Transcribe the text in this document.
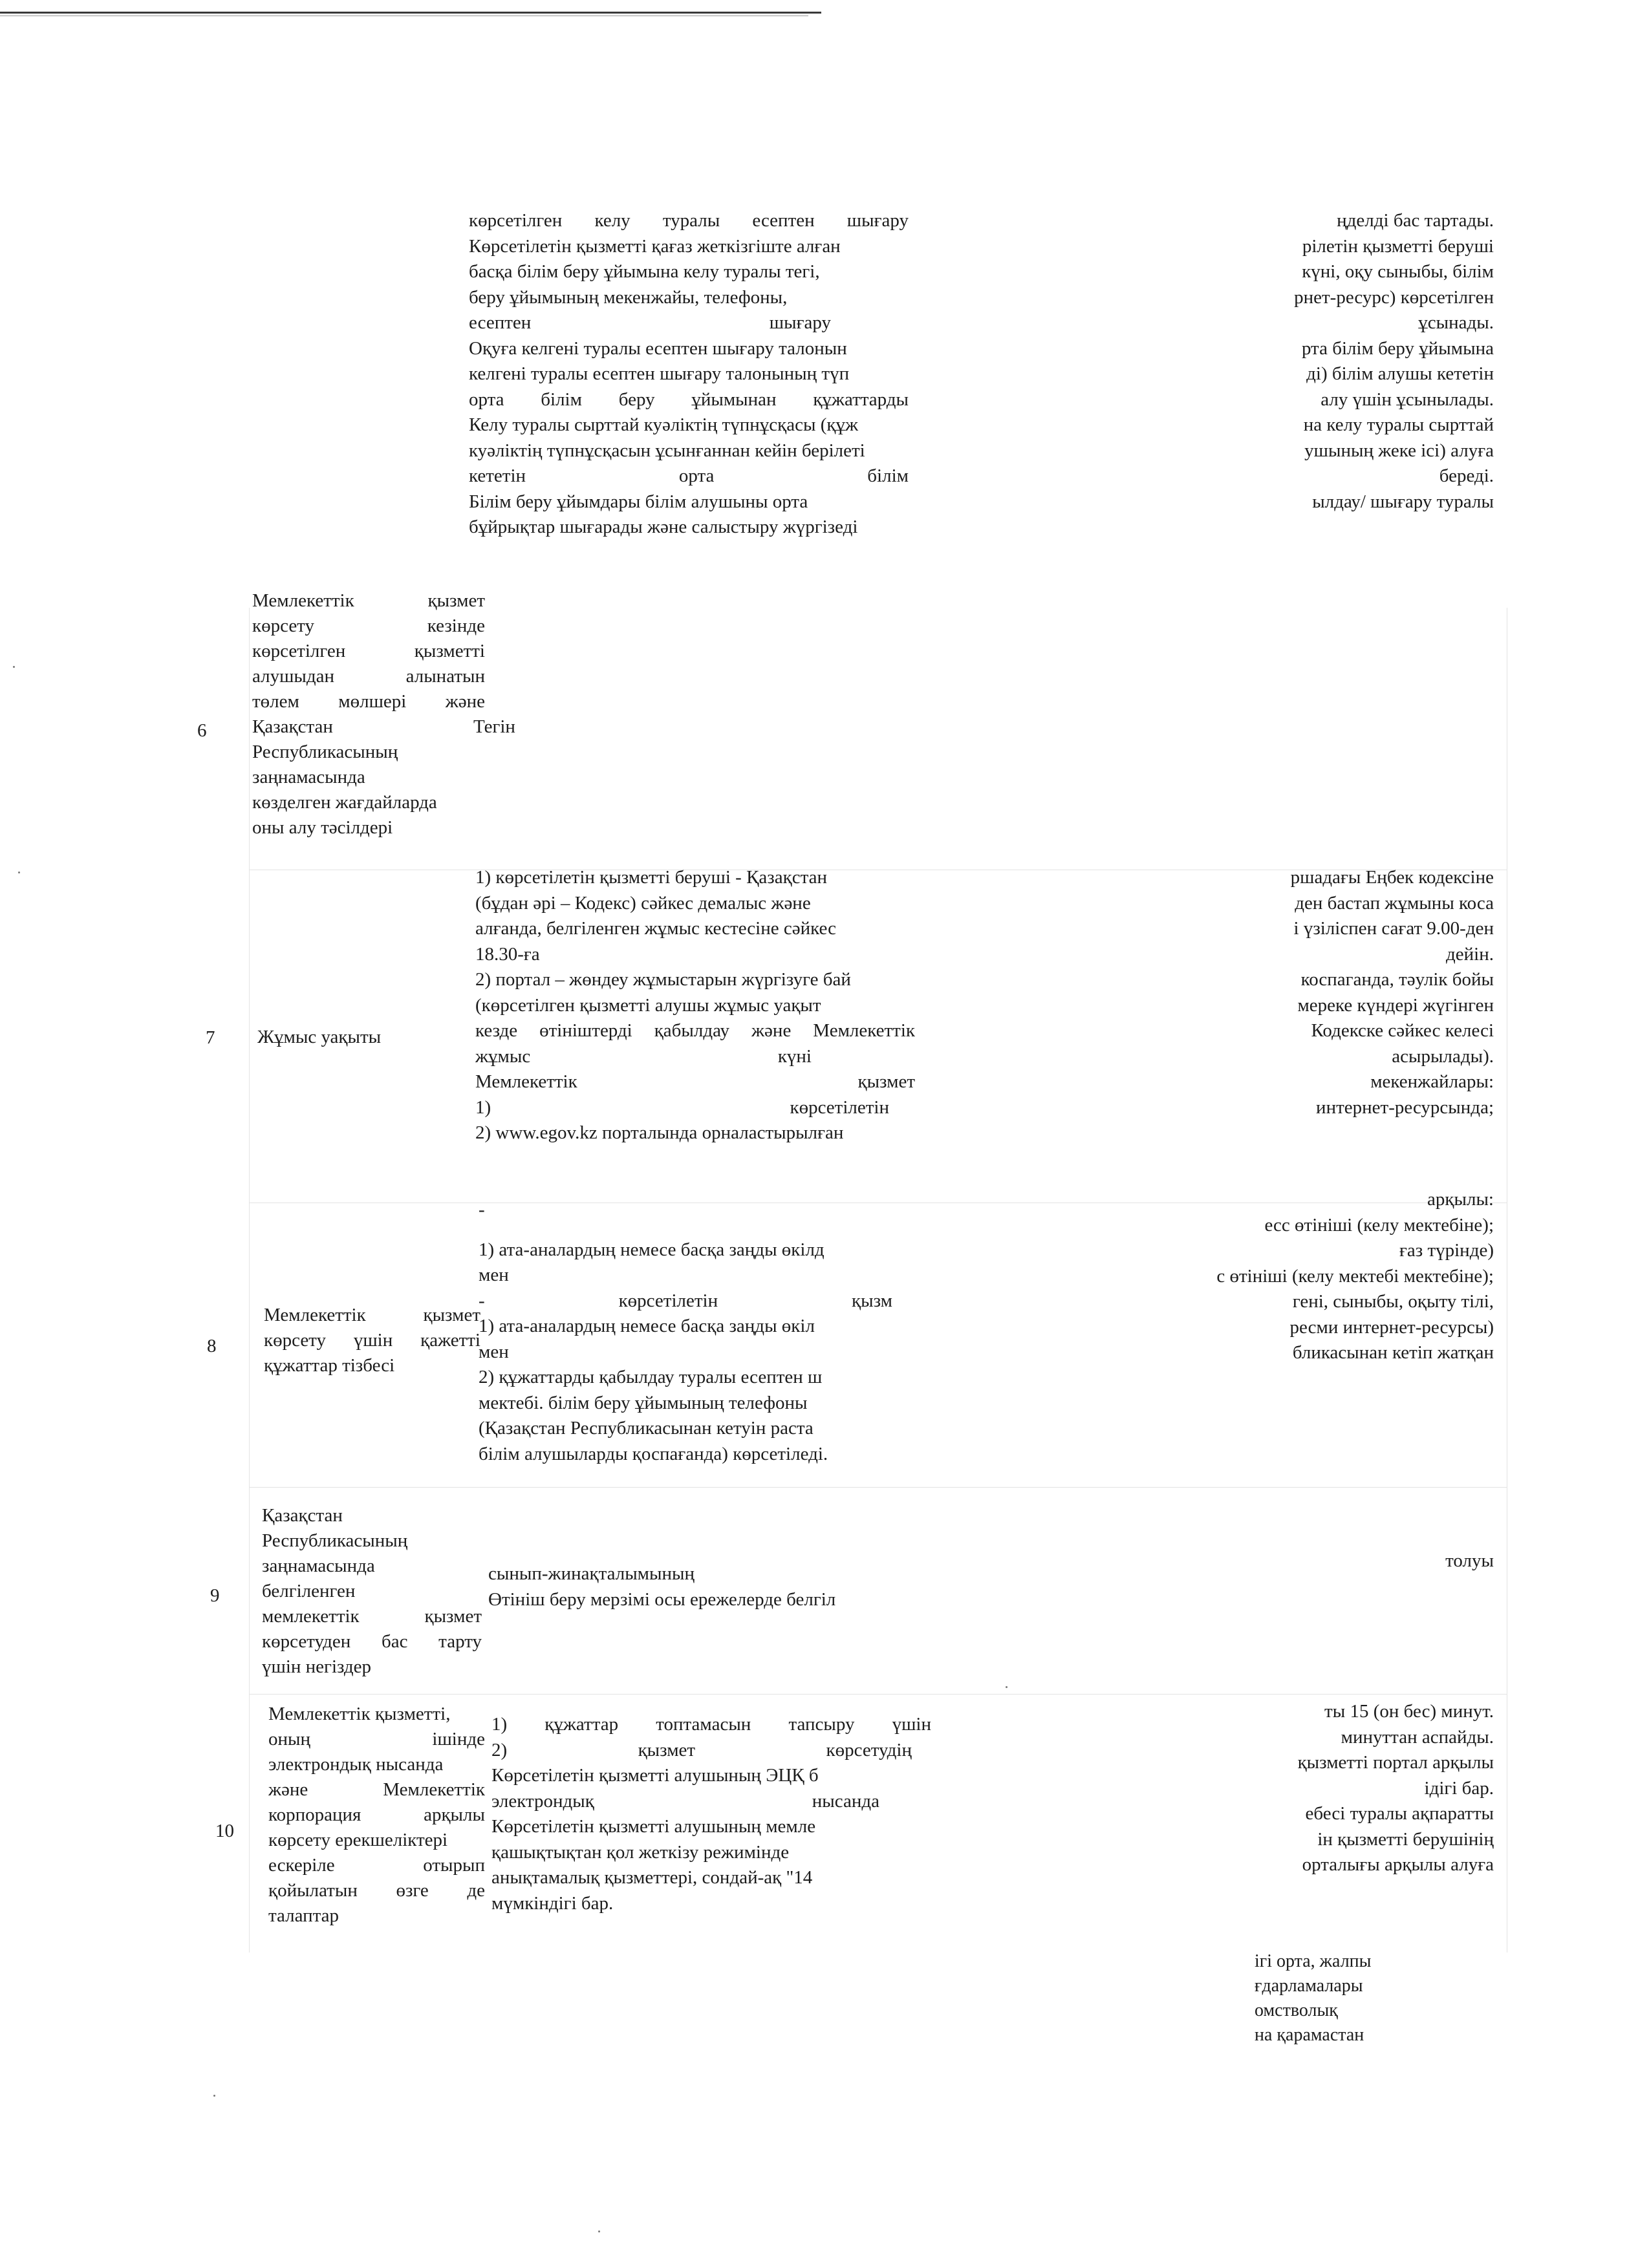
көрсетілген келу туралы есептен шығару

Көрсетілетін қызметті қағаз жеткізгіште алған

басқа білім беру ұйымына келу туралы тегі,

беру ұйымының мекенжайы, телефоны,

есептен шығару

Оқуға келгені туралы есептен шығару талонын

келгені туралы есептен шығару талонының түп

орта білім беру ұйымынан құжаттарды

Келу туралы сырттай куәліктің түпнұсқасы (құж

куәліктің түпнұсқасын ұсынғаннан кейін берілеті

кететін орта білім

Білім беру ұйымдары білім алушыны орта

бұйрықтар шығарады және салыстыру жүргізеді

ңделді бас тартады.

рілетін қызметті беруші

күні, оқу сыныбы, білім

рнет-ресурс) көрсетілген

ұсынады.

рта білім беру ұйымына

ді) білім алушы кететін

алу үшін ұсынылады.

на келу туралы сырттай

ушының жеке ісі) алуға

береді.

ылдау/ шығару туралы

6

Мемлекеттік қызмет

көрсету кезінде

көрсетілген қызметті

алушыдан алынатын

төлем мөлшері және

Қазақстан

Республикасының

заңнамасында

көзделген жағдайларда

оны алу тәсілдері

Тегін

7 Жұмыс уақыты

1) көрсетілетін қызметті беруші - Қазақстан

(бұдан әрі – Кодекс) сәйкес демалыс және

алғанда, белгіленген жұмыс кестесіне сәйкес

18.30-ға

2) портал – жөндеу жұмыстарын жүргізуге бай

(көрсетілген қызметті алушы жұмыс уақыт

кезде өтініштерді қабылдау және Мемлекеттік

жұмыс күні

Мемлекеттік қызмет

1) көрсетілетін

2) www.egov.kz порталында орналастырылған

ршадағы Еңбек кодексіне

ден бастап жұмыны коса

і үзіліспен сағат 9.00-ден

дейін.

коспаганда, тәулік бойы

мереке күндері жүгінген

Кодекске сәйкес келесі

асырылады).

мекенжайлары:

интернет-ресурсында;

8

Мемлекеттік қызмет

көрсету үшін қажетті

құжаттар тізбесі

-

1) ата-аналардың немесе басқа заңды өкілд

мен

- көрсетілетін қызм

1) ата-аналардың немесе басқа заңды өкіл

мен

2) құжаттарды қабылдау туралы есептен ш

мектебі. білім беру ұйымының телефоны

(Қазақстан Республикасынан кетуін раста

білім алушыларды қоспағанда) көрсетіледі.

арқылы:

есс өтініші (келу мектебіне);

ғаз түрінде)

с өтініші (келу мектебі мектебіне);

гені, сыныбы, оқыту тілі,

ресми интернет-ресурсы)

бликасынан кетіп жатқан

9

Қазақстан

Республикасының

заңнамасында

белгіленген

мемлекеттік қызмет

көрсетуден бас тарту

үшін негіздер

сынып-жинақталымының

Өтініш беру мерзімі осы ережелерде белгіл

толуы

10

Мемлекеттік қызметті,

оның ішінде

электрондық нысанда

және Мемлекеттік

корпорация арқылы

көрсету ерекшеліктері

ескеріле отырып

қойылатын өзге де

талаптар

1) құжаттар топтамасын тапсыру үшін

2) қызмет көрсетудің

Көрсетілетін қызметті алушының ЭЦҚ б

электрондық нысанда

Көрсетілетін қызметті алушының мемле

қашықтықтан қол жеткізу режимінде

анықтамалық қызметтері, сондай-ақ "14

мүмкіндігі бар.

ты 15 (он бес) минут.

минуттан аспайды.

қызметті портал арқылы

ідігі бар.

ебесі туралы ақпаратты

ін қызметті берушінің

орталығы арқылы алуға

ігі орта, жалпы

ғдарламалары

омстволық

на қарамастан
